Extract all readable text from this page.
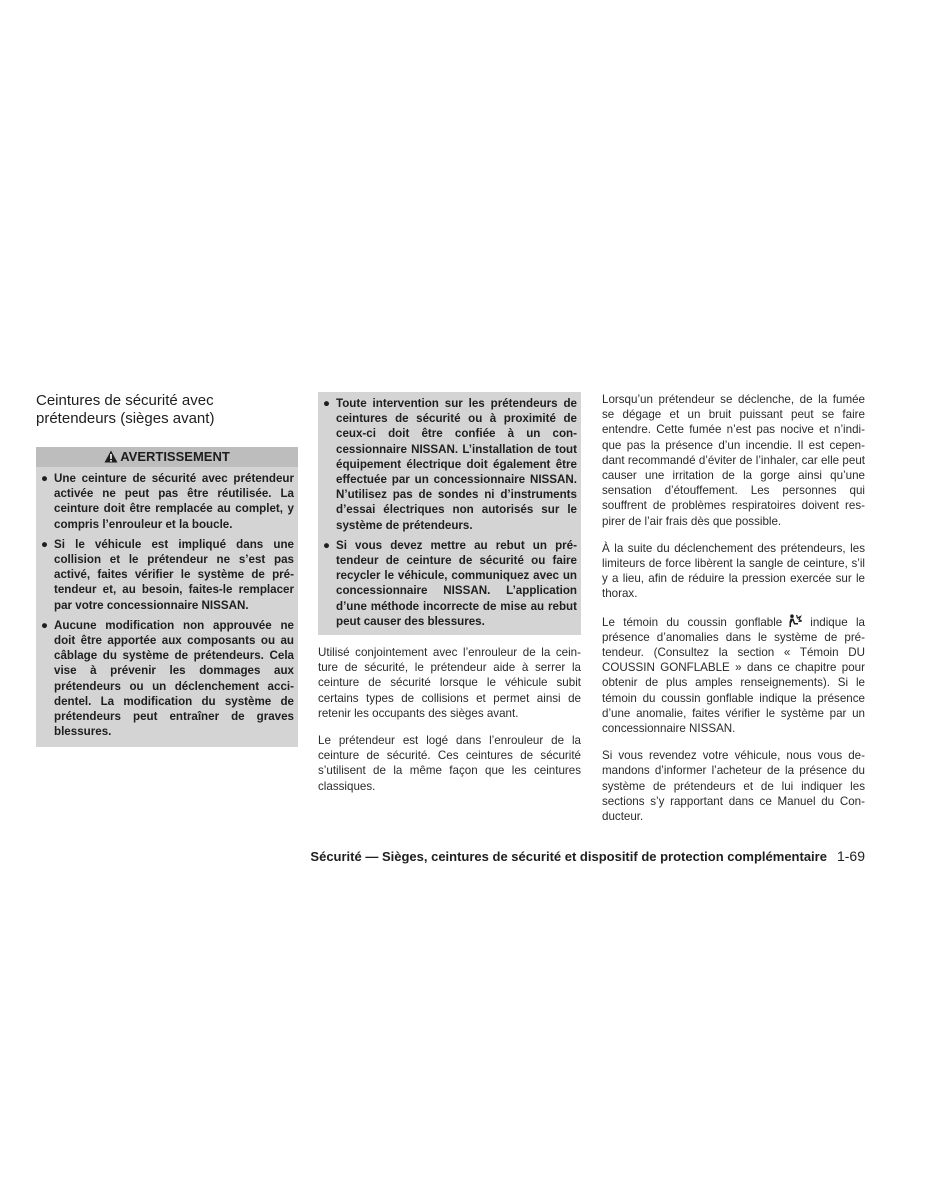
Ceintures de sécurité avec
prétendeurs (sièges avant)
AVERTISSEMENT
● Une ceinture de sécurité avec prétendeur activée ne peut pas être réutilisée. La ceinture doit être remplacée au complet, y compris l’enrouleur et la boucle.
● Si le véhicule est impliqué dans une collision et le prétendeur ne s’est pas activé, faites vérifier le système de prétendeur et, au besoin, faites-le remplacer par votre concessionnaire NISSAN.
● Aucune modification non approuvée ne doit être apportée aux composants ou au câblage du système de prétendeurs. Cela vise à prévenir les dommages aux prétendeurs ou un déclenchement accidentel. La modification du système de prétendeurs peut entraîner de graves blessures.
● Toute intervention sur les prétendeurs de ceintures de sécurité ou à proximité de ceux-ci doit être confiée à un concessionnaire NISSAN. L’installation de tout équipement électrique doit également être effectuée par un concessionnaire NISSAN. N’utilisez pas de sondes ni d’instruments d’essai électriques non autorisés sur le système de prétendeurs.
● Si vous devez mettre au rebut un prétendeur de ceinture de sécurité ou faire recycler le véhicule, communiquez avec un concessionnaire NISSAN. L’application d’une méthode incorrecte de mise au rebut peut causer des blessures.

Utilisé conjointement avec l’enrouleur de la ceinture de sécurité, le prétendeur aide à serrer la ceinture de sécurité lorsque le véhicule subit certains types de collisions et permet ainsi de retenir les occupants des sièges avant.

Le prétendeur est logé dans l’enrouleur de la ceinture de sécurité. Ces ceintures de sécurité s’utilisent de la même façon que les ceintures classiques.

Lorsqu’un prétendeur se déclenche, de la fumée se dégage et un bruit puissant peut se faire entendre. Cette fumée n’est pas nocive et n’indique pas la présence d’un incendie. Il est cependant recommandé d’éviter de l’inhaler, car elle peut causer une irritation de la gorge ainsi qu’une sensation d’étouffement. Les personnes qui souffrent de problèmes respiratoires doivent respirer de l’air frais dès que possible.

À la suite du déclenchement des prétendeurs, les limiteurs de force libèrent la sangle de ceinture, s’il y a lieu, afin de réduire la pression exercée sur le thorax.

Le témoin du coussin gonflable indique la présence d’anomalies dans le système de prétendeur. (Consultez la section « Témoin DU COUSSIN GONFLABLE » dans ce chapitre pour obtenir de plus amples renseignements). Si le témoin du coussin gonflable indique la présence d’une anomalie, faites vérifier le système par un concessionnaire NISSAN.

Si vous revendez votre véhicule, nous vous demandons d’informer l’acheteur de la présence du système de prétendeurs et de lui indiquer les sections s’y rapportant dans ce Manuel du Conducteur.

Sécurité — Sièges, ceintures de sécurité et dispositif de protection complémentaire 1-69
